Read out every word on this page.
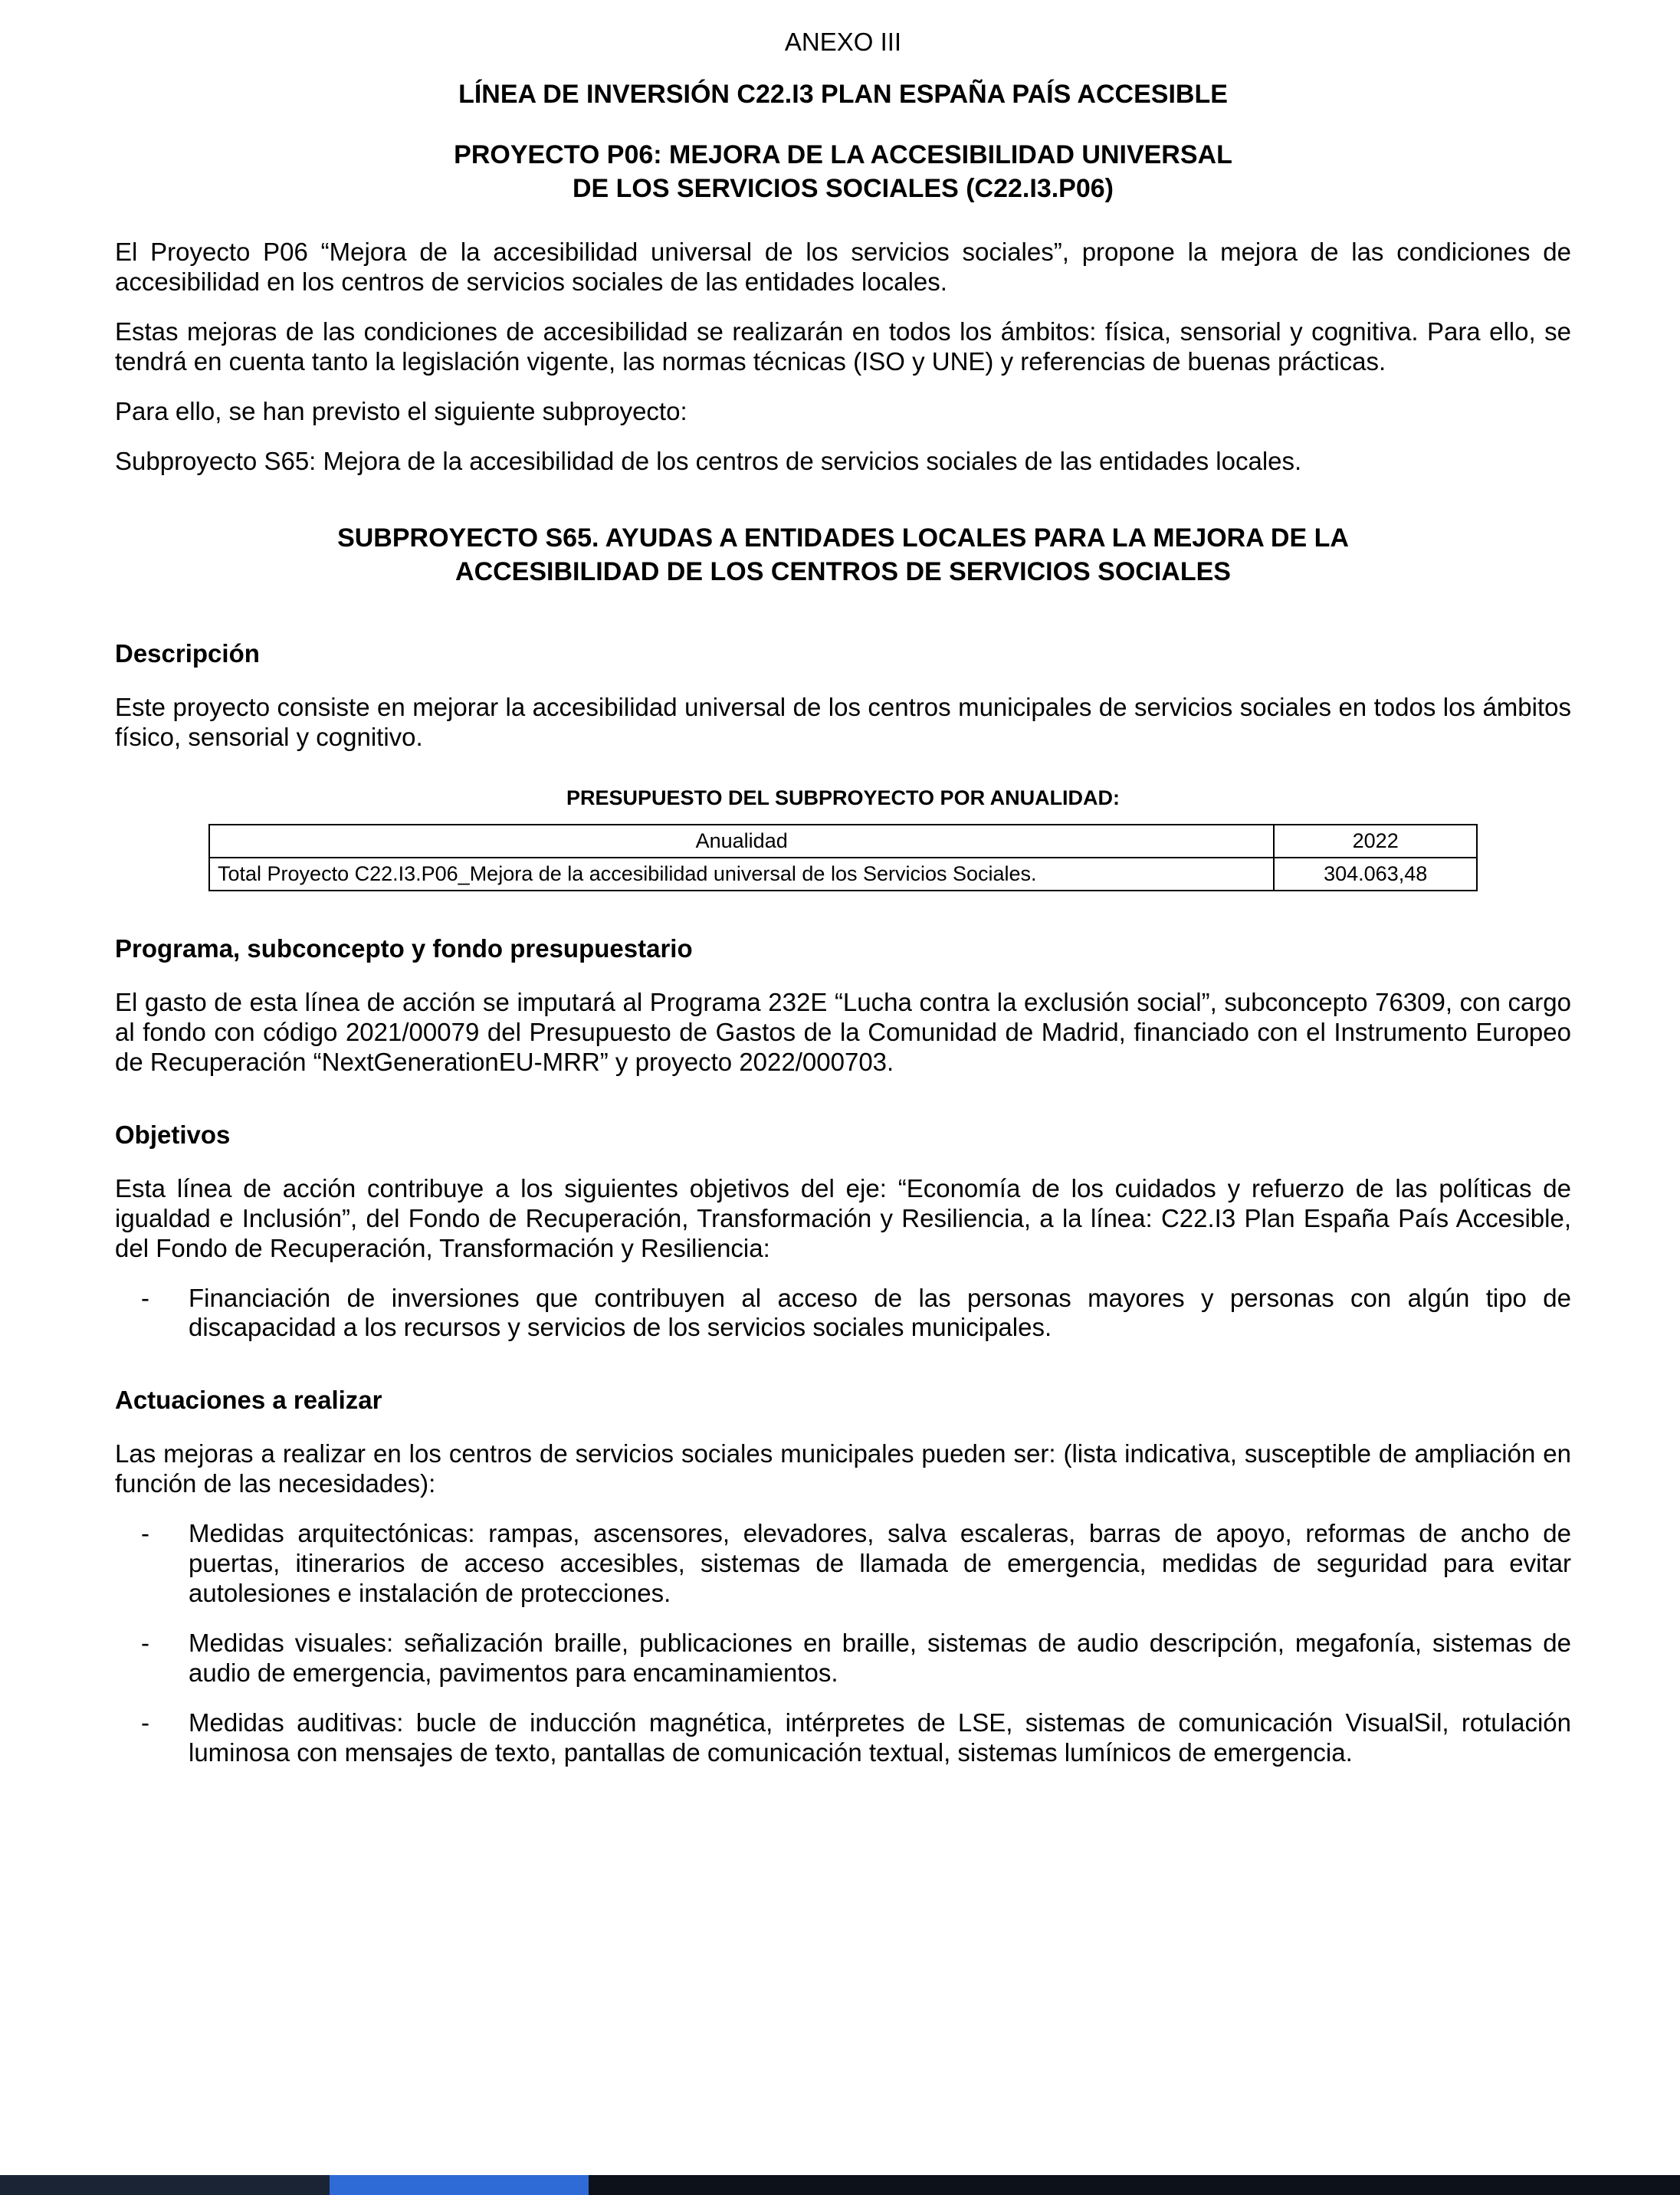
ANEXO III
LÍNEA DE INVERSIÓN C22.I3 PLAN ESPAÑA PAÍS ACCESIBLE
PROYECTO P06: MEJORA DE LA ACCESIBILIDAD UNIVERSAL
DE LOS SERVICIOS SOCIALES (C22.I3.P06)

El Proyecto P06 “Mejora de la accesibilidad universal de los servicios sociales”, propone la mejora de las condiciones de accesibilidad en los centros de servicios sociales de las entidades locales.

Estas mejoras de las condiciones de accesibilidad se realizarán en todos los ámbitos: física, sensorial y cognitiva. Para ello, se tendrá en cuenta tanto la legislación vigente, las normas técnicas (ISO y UNE) y referencias de buenas prácticas.

Para ello, se han previsto el siguiente subproyecto:

Subproyecto S65: Mejora de la accesibilidad de los centros de servicios sociales de las entidades locales.

SUBPROYECTO S65. AYUDAS A ENTIDADES LOCALES PARA LA MEJORA DE LA
ACCESIBILIDAD DE LOS CENTROS DE SERVICIOS SOCIALES
Descripción

Este proyecto consiste en mejorar la accesibilidad universal de los centros municipales de servicios sociales en todos los ámbitos físico, sensorial y cognitivo.

PRESUPUESTO DEL SUBPROYECTO POR ANUALIDAD:
Anualidad	2022
Total Proyecto C22.I3.P06_Mejora de la accesibilidad universal de los Servicios Sociales.	304.063,48
Programa, subconcepto y fondo presupuestario

El gasto de esta línea de acción se imputará al Programa 232E “Lucha contra la exclusión social”, subconcepto 76309, con cargo al fondo con código 2021/00079 del Presupuesto de Gastos de la Comunidad de Madrid, financiado con el Instrumento Europeo de Recuperación “NextGenerationEU-MRR” y proyecto 2022/000703.

Objetivos

Esta línea de acción contribuye a los siguientes objetivos del eje: “Economía de los cuidados y refuerzo de las políticas de igualdad e Inclusión”, del Fondo de Recuperación, Transformación y Resiliencia, a la línea: C22.I3 Plan España País Accesible, del Fondo de Recuperación, Transformación y Resiliencia:

-	Financiación de inversiones que contribuyen al acceso de las personas mayores y personas con algún tipo de discapacidad a los recursos y servicios de los servicios sociales municipales.
Actuaciones a realizar

Las mejoras a realizar en los centros de servicios sociales municipales pueden ser: (lista indicativa, susceptible de ampliación en función de las necesidades):

-	Medidas arquitectónicas: rampas, ascensores, elevadores, salva escaleras, barras de apoyo, reformas de ancho de puertas, itinerarios de acceso accesibles, sistemas de llamada de emergencia, medidas de seguridad para evitar autolesiones e instalación de protecciones.
-	Medidas visuales: señalización braille, publicaciones en braille, sistemas de audio descripción, megafonía, sistemas de audio de emergencia, pavimentos para encaminamientos.
-	Medidas auditivas: bucle de inducción magnética, intérpretes de LSE, sistemas de comunicación VisualSil, rotulación luminosa con mensajes de texto, pantallas de comunicación textual, sistemas lumínicos de emergencia.
